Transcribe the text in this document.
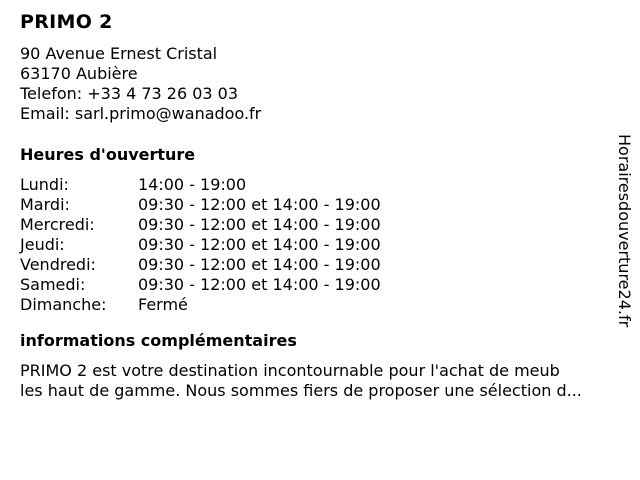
PRIMO 2
90 Avenue Ernest Cristal
63170 Aubière
Telefon: +33 4 73 26 03 03
Email: sarl.primo@wanadoo.fr
Heures d'ouverture
Lundi:	14:00 - 19:00
Mardi:	09:30 - 12:00 et 14:00 - 19:00
Mercredi:	09:30 - 12:00 et 14:00 - 19:00
Jeudi:	09:30 - 12:00 et 14:00 - 19:00
Vendredi:	09:30 - 12:00 et 14:00 - 19:00
Samedi:	09:30 - 12:00 et 14:00 - 19:00
Dimanche:	Fermé
informations complémentaires
PRIMO 2 est votre destination incontournable pour l'achat de meub
les haut de gamme. Nous sommes fiers de proposer une sélection d...
Horairesdouverture24.fr
